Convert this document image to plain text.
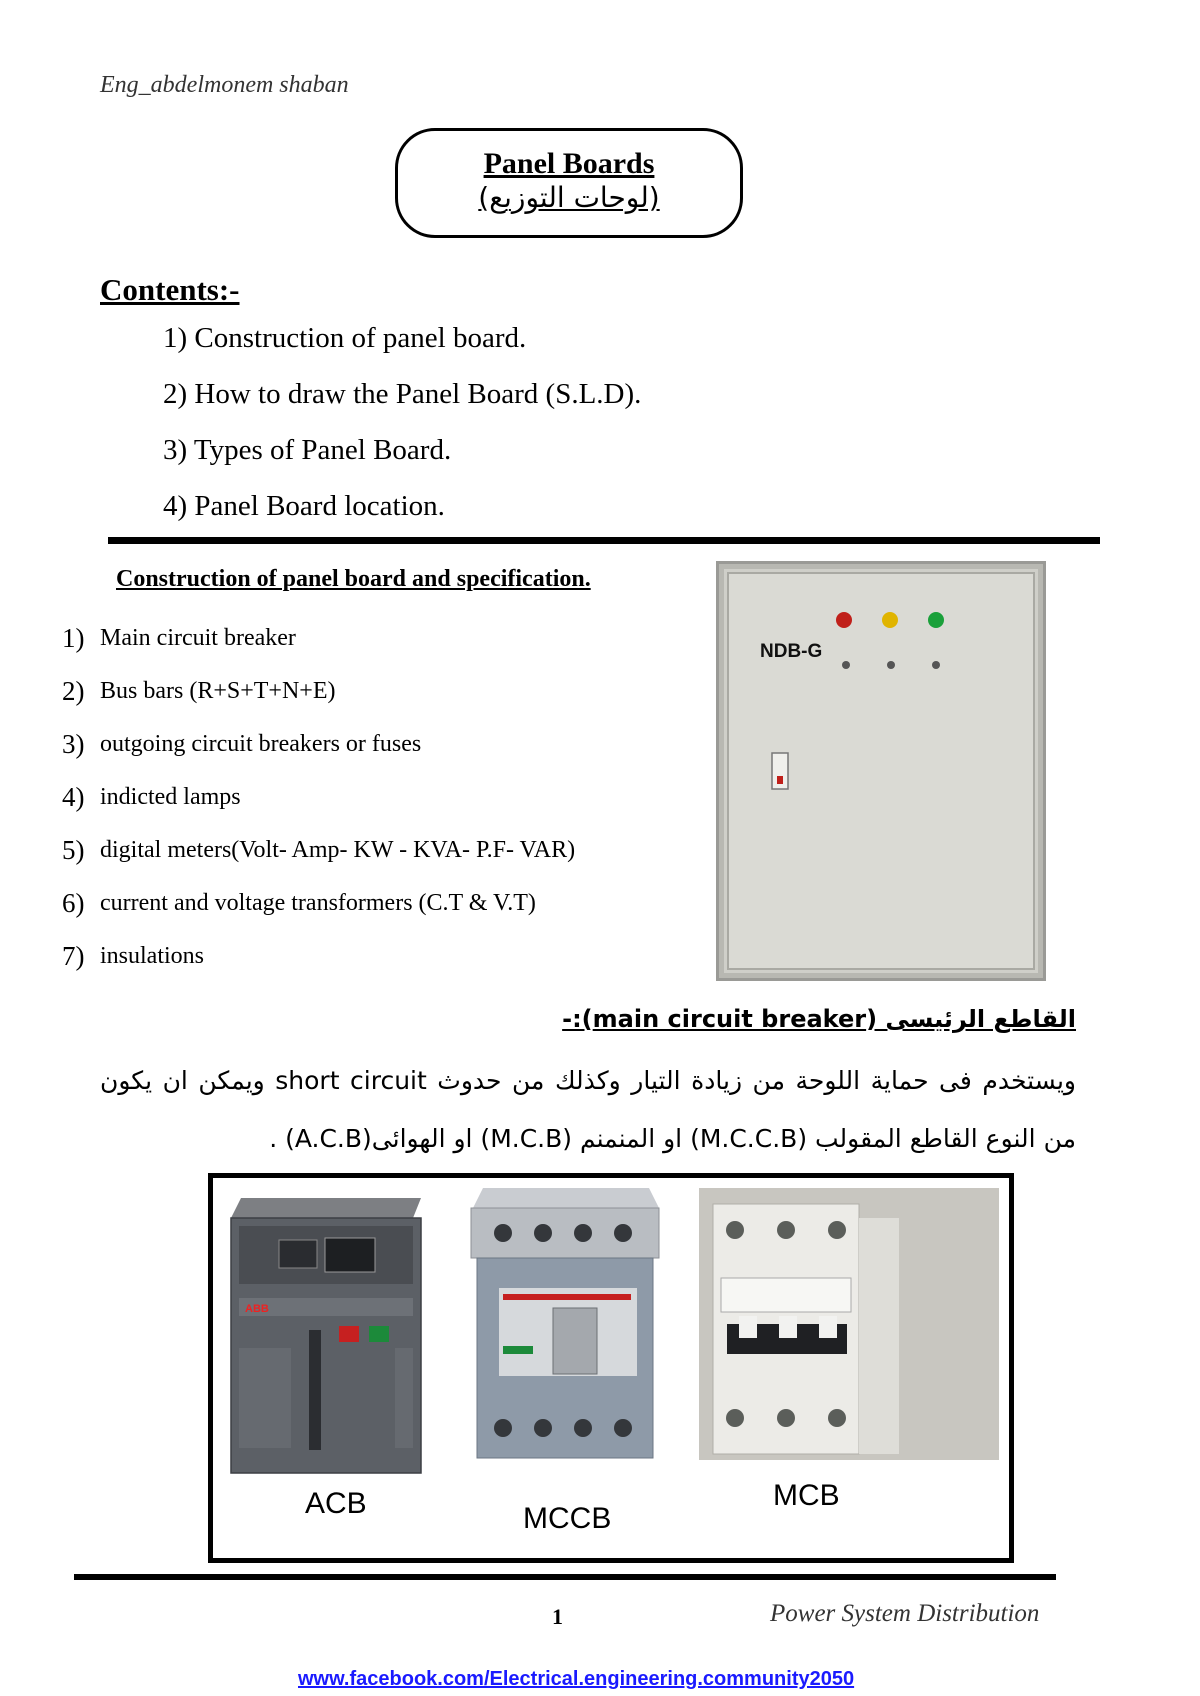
Eng_abdelmonem shaban
Panel Boards
(لوحات التوزيع)
Contents:-
1) Construction of panel board.
2) How to draw the Panel Board (S.L.D).
3) Types of Panel Board.
4) Panel Board location.
Construction of panel board and specification.
1) Main circuit breaker
2) Bus bars (R+S+T+N+E)
3) outgoing circuit breakers or fuses
4) indicted lamps
5) digital meters(Volt- Amp- KW - KVA- P.F- VAR)
6) current and voltage transformers (C.T & V.T)
7) insulations
NDB-G
القاطع الرئيسى (main circuit breaker):-
ويستخدم فى حماية اللوحة من زيادة التيار وكذلك من حدوث short circuit ويمكن ان يكون من النوع القاطع المقولب (M.C.C.B) او المنمنم (M.C.B) او الهوائى(A.C.B) .
ABB
ACB	MCCB
MCB
1	Power System Distribution
www.facebook.com/Electrical.engineering.community2050
